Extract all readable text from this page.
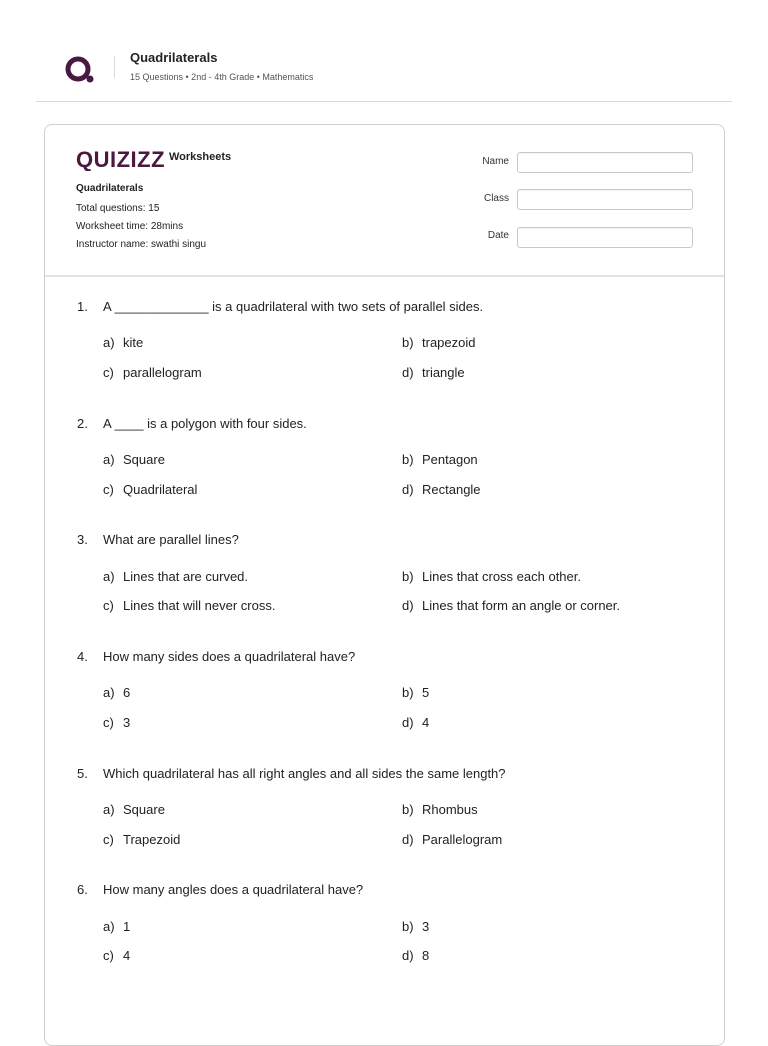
Quadrilaterals
15 Questions • 2nd - 4th Grade • Mathematics
QUIZIZZ Worksheets
Quadrilaterals
Total questions: 15
Worksheet time: 28mins
Instructor name: swathi singu
Name
Class
Date
1. A _____________ is a quadrilateral with two sets of parallel sides.
a) kite	b) trapezoid
c) parallelogram	d) triangle
2. A ____ is a polygon with four sides.
a) Square	b) Pentagon
c) Quadrilateral	d) Rectangle
3. What are parallel lines?
a) Lines that are curved.	b) Lines that cross each other.
c) Lines that will never cross.	d) Lines that form an angle or corner.
4. How many sides does a quadrilateral have?
a) 6	b) 5
c) 3	d) 4
5. Which quadrilateral has all right angles and all sides the same length?
a) Square	b) Rhombus
c) Trapezoid	d) Parallelogram
6. How many angles does a quadrilateral have?
a) 1	b) 3
c) 4	d) 8
